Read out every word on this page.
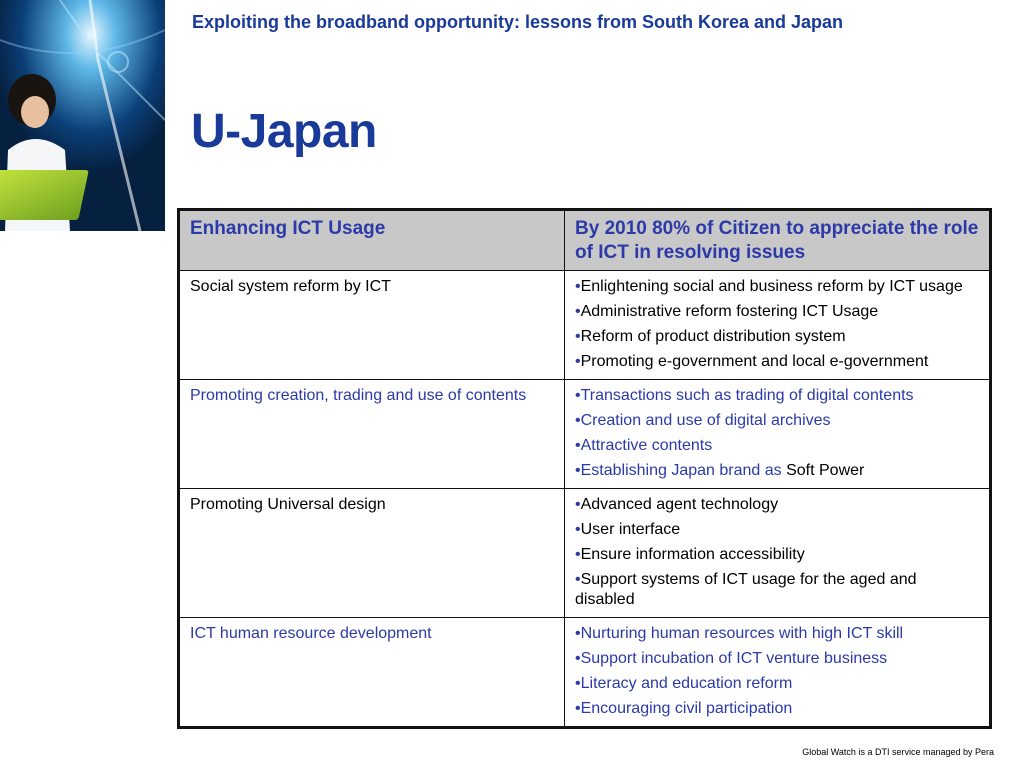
Exploiting the broadband opportunity: lessons from South Korea and Japan
U-Japan
Enhancing ICT Usage	By 2010 80% of Citizen to appreciate the role of ICT in resolving issues
Social system reform by ICT	•Enlightening social and business reform by ICT usage
•Administrative reform fostering ICT Usage
•Reform of product distribution system
•Promoting e-government and local e-government

Promoting creation, trading and use of contents	•Transactions such as trading of digital contents
•Creation and use of digital archives
•Attractive contents
•Establishing Japan brand as Soft Power

Promoting Universal design	•Advanced agent technology
•User interface
•Ensure information accessibility
•Support systems of ICT usage for the aged and disabled

ICT human resource development	•Nurturing human resources with high ICT skill
•Support incubation of ICT venture business
•Literacy and education reform
•Encouraging civil participation
Global Watch is a DTI service managed by Pera
